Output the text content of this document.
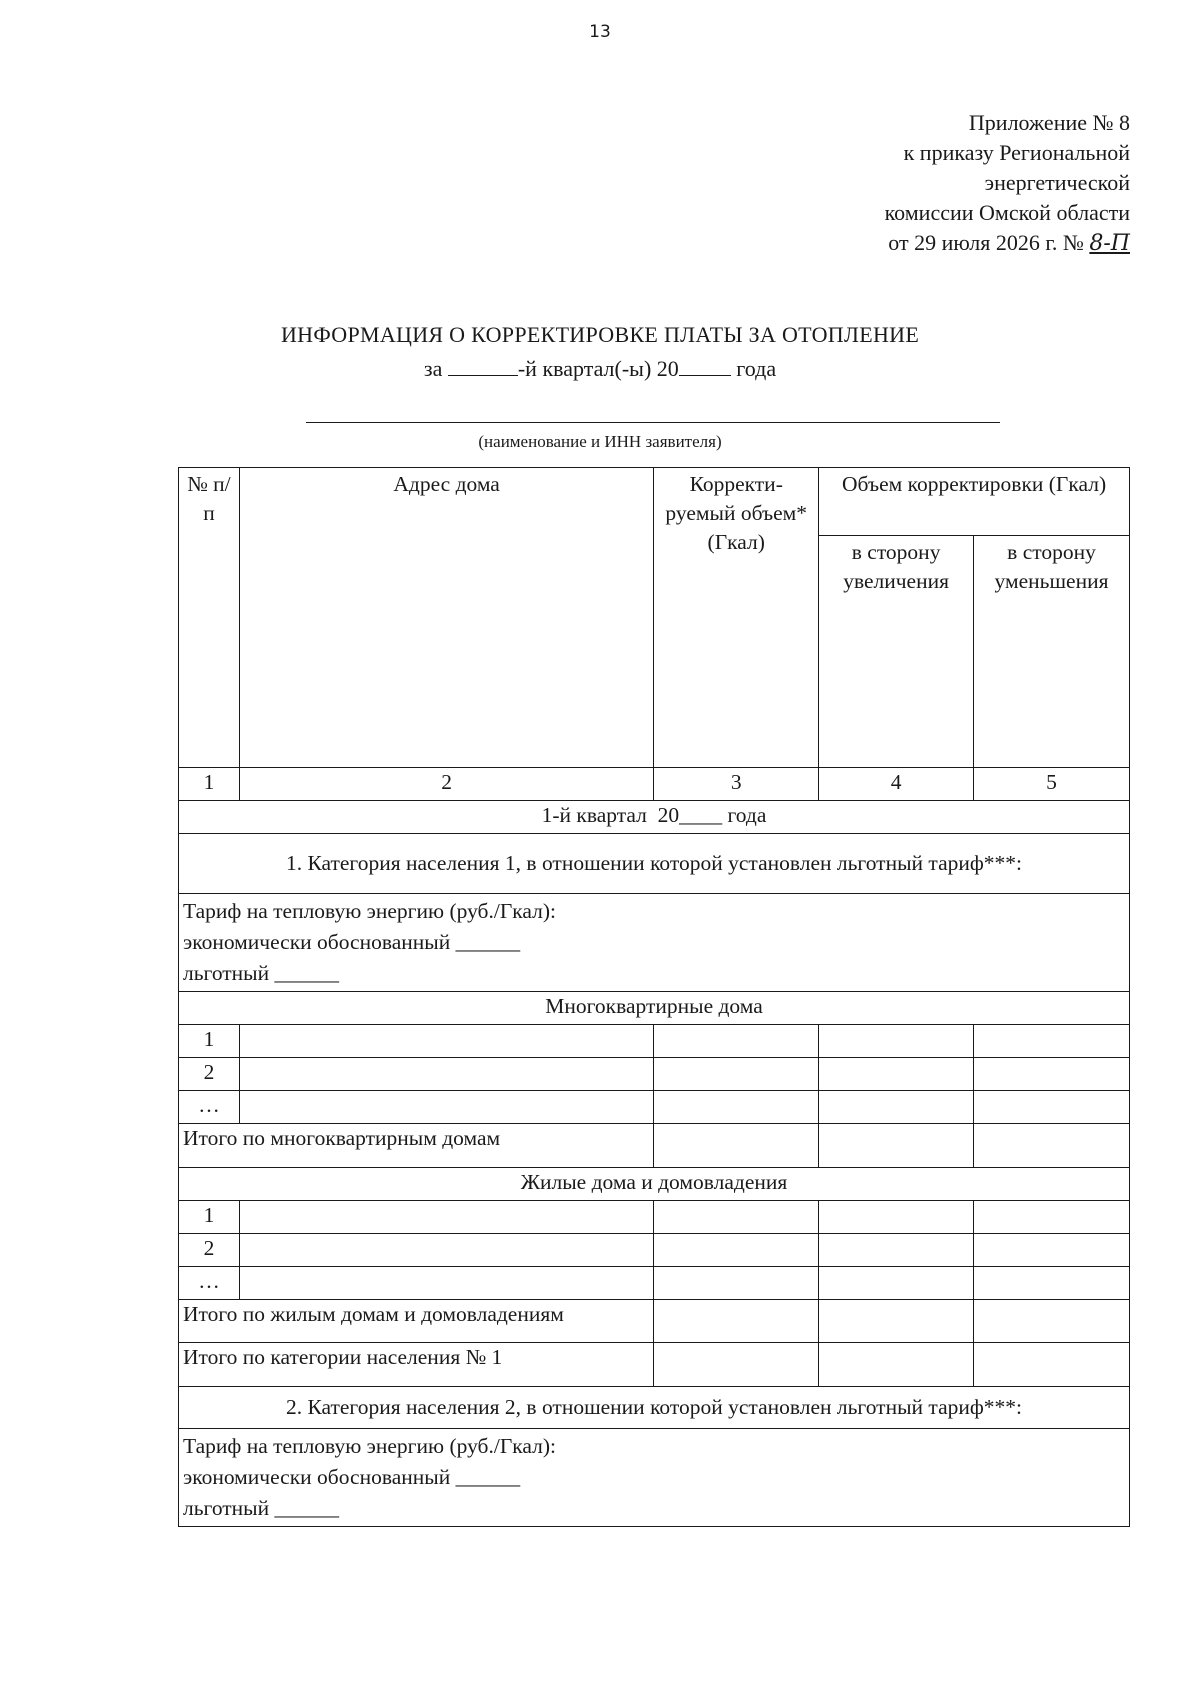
13
Приложение № 8
к приказу Региональной
энергетической
комиссии Омской области
от 29 июля 2026 г. № 8-П
ИНФОРМАЦИЯ О КОРРЕКТИРОВКЕ ПЛАТЫ ЗА ОТОПЛЕНИЕ
за	-й квартал(-ы) 20	года
(наименование и ИНН заявителя)
№ п/п	Адрес дома	Корректи-руемый объем* (Гкал)	Объем корректировки (Гкал)	
			в сторону увеличения	в сторону уменьшения
1	2	3	4	5
1-й квартал  20____ года				
1. Категория населения 1, в отношении которой установлен льготный тариф***:				

Тариф на тепловую энергию (руб./Гкал):
экономически обоснованный ______
льготный ______				

Многоквартирные дома				
1				
2				
…				
Итого по многоквартирным домам				
Жилые дома и домовладения				
1				
2				
…				
Итого по жилым домам и домовладениям				
Итого по категории населения № 1				
2. Категория населения 2, в отношении которой установлен льготный тариф***:				

Тариф на тепловую энергию (руб./Гкал):
экономически обоснованный ______
льготный ______				
